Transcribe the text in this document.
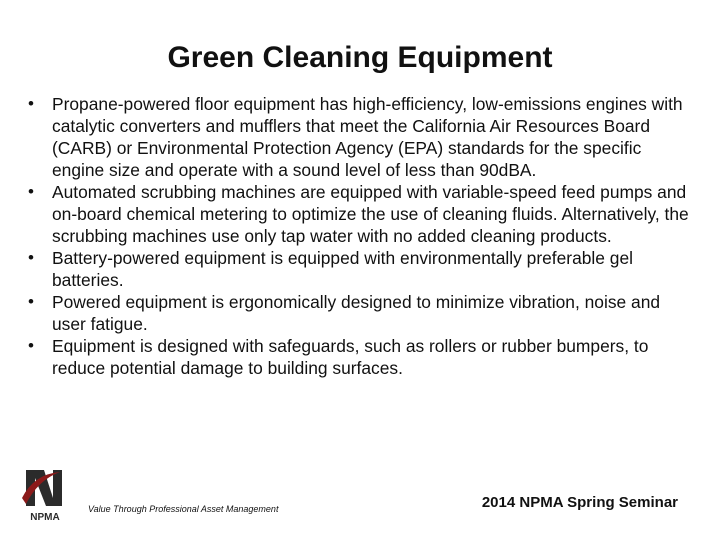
Green Cleaning Equipment
• Propane-powered floor equipment has high-efficiency, low-emissions engines with catalytic converters and mufflers that meet the California Air Resources Board (CARB) or Environmental Protection Agency (EPA) standards for the specific engine size and operate with a sound level of less than 90dBA.
• Automated scrubbing machines are equipped with variable-speed feed pumps and on-board chemical metering to optimize the use of cleaning fluids. Alternatively, the scrubbing machines use only tap water with no added cleaning products.
• Battery-powered equipment is equipped with environmentally preferable gel batteries.
• Powered equipment is ergonomically designed to minimize vibration, noise and user fatigue.
• Equipment is designed with safeguards, such as rollers or rubber bumpers, to reduce potential damage to building surfaces.
NPMA
Value Through Professional Asset Management	2014 NPMA Spring Seminar
